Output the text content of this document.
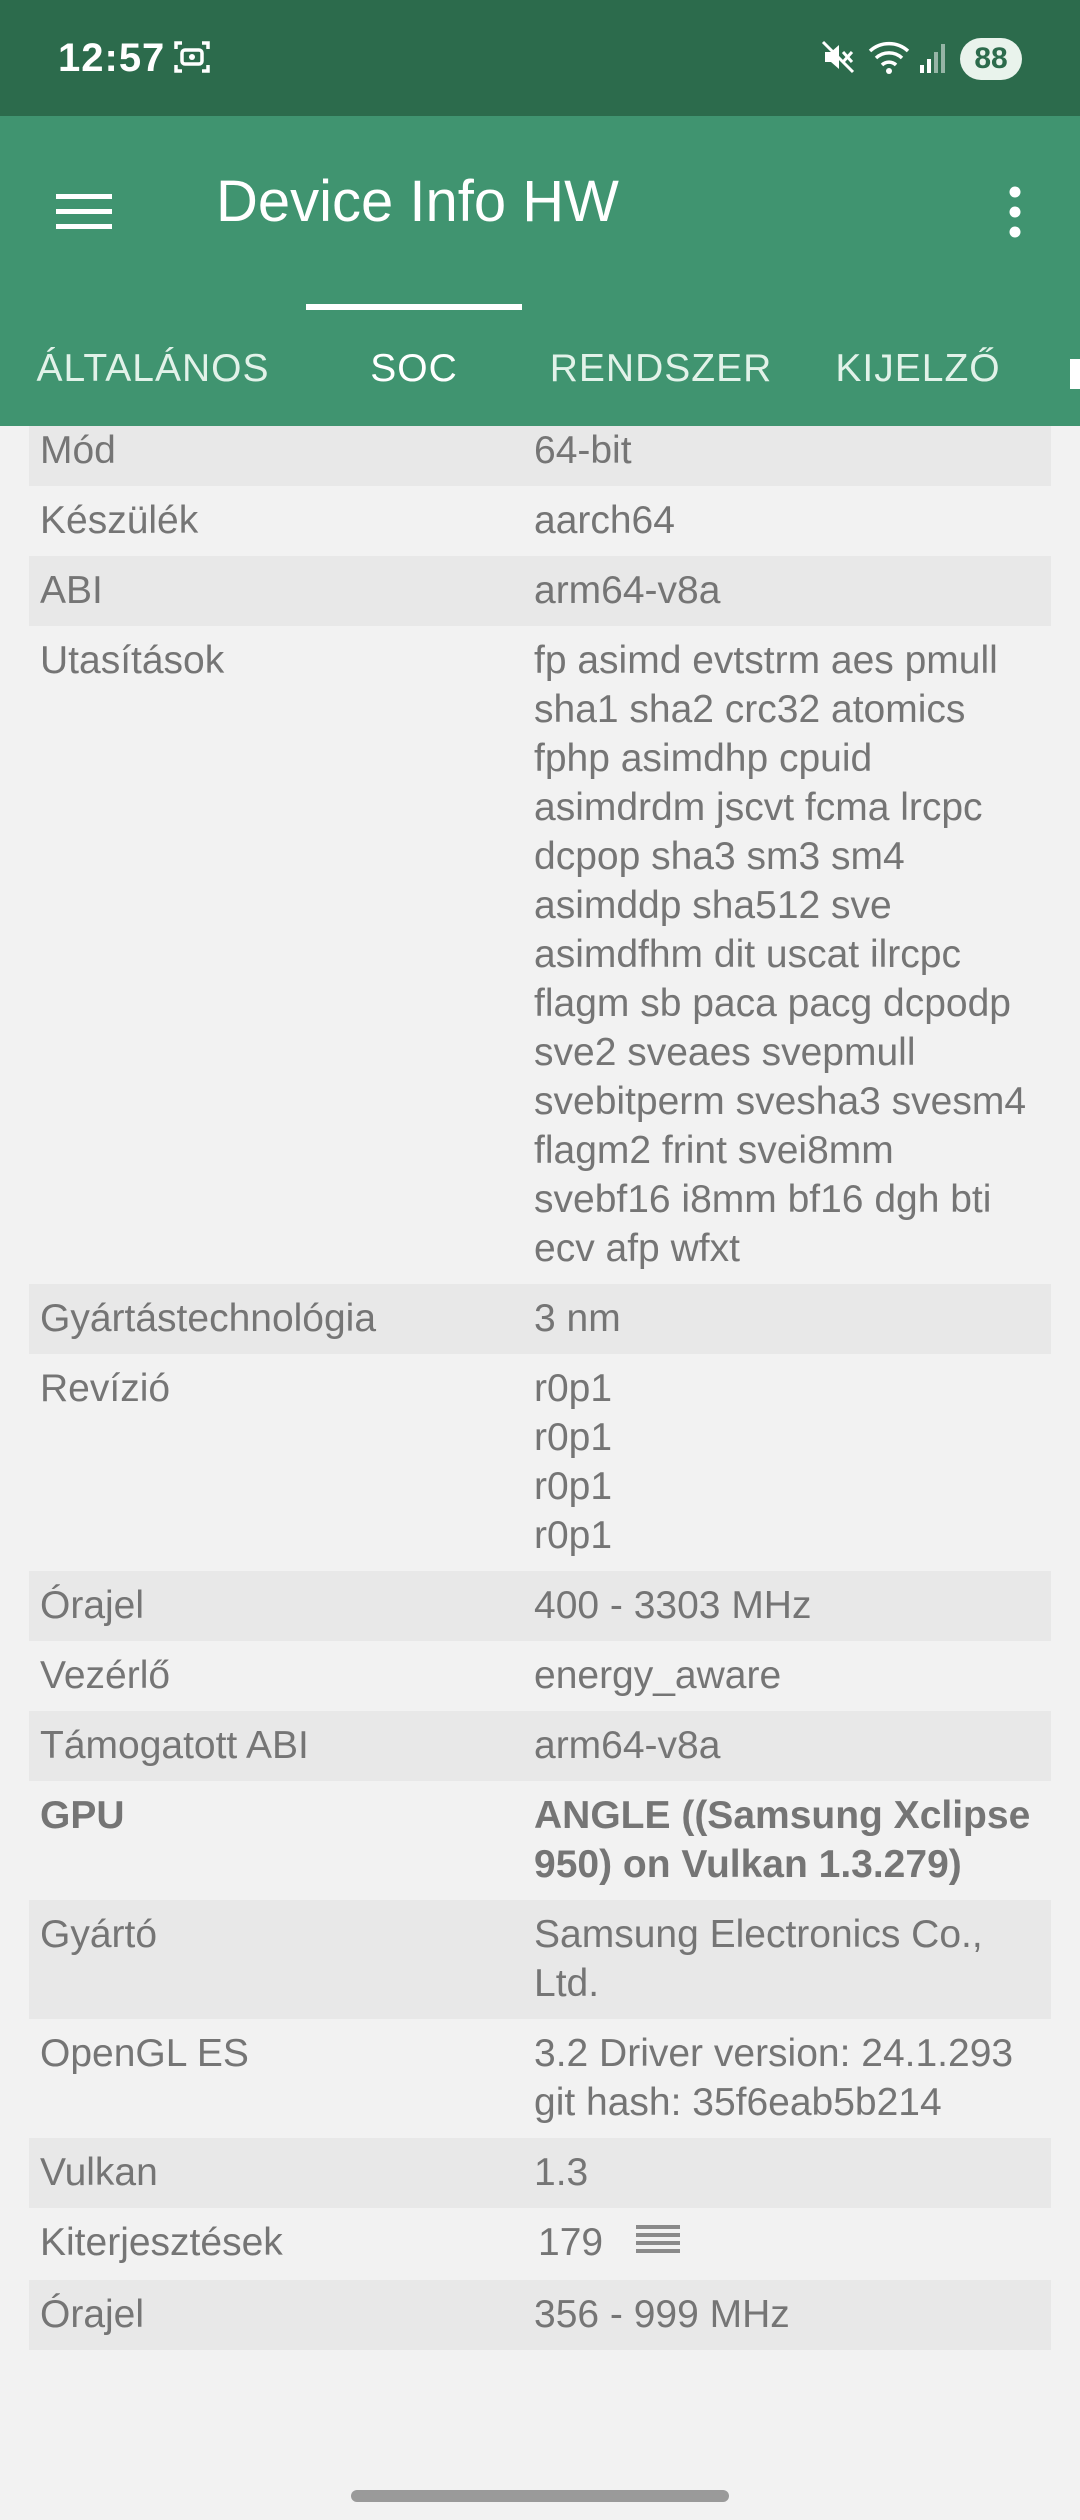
12:57	88
Device Info HW
ÁLTALÁNOS	SOC	RENDSZER	KIJELZŐ
Mód	64-bit
Készülék	aarch64
ABI	arm64-v8a
Utasítások	fp asimd evtstrm aes pmull sha1 sha2 crc32 atomics fphp asimdhp cpuid asimdrdm jscvt fcma lrcpc dcpop sha3 sm3 sm4 asimddp sha512 sve asimdfhm dit uscat ilrcpc flagm sb paca pacg dcpodp sve2 sveaes svepmull svebitperm svesha3 svesm4 flagm2 frint svei8mm svebf16 i8mm bf16 dgh bti ecv afp wfxt
Gyártástechnológia	3 nm
Revízió	r0p1
r0p1
r0p1
r0p1
Órajel	400 - 3303 MHz
Vezérlő	energy_aware
Támogatott ABI	arm64-v8a
GPU	ANGLE ((Samsung Xclipse 950) on Vulkan 1.3.279)
Gyártó	Samsung Electronics Co., Ltd.
OpenGL ES	3.2 Driver version: 24.1.293 git hash: 35f6eab5b214
Vulkan	1.3
Kiterjesztések	179
Órajel	356 - 999 MHz
